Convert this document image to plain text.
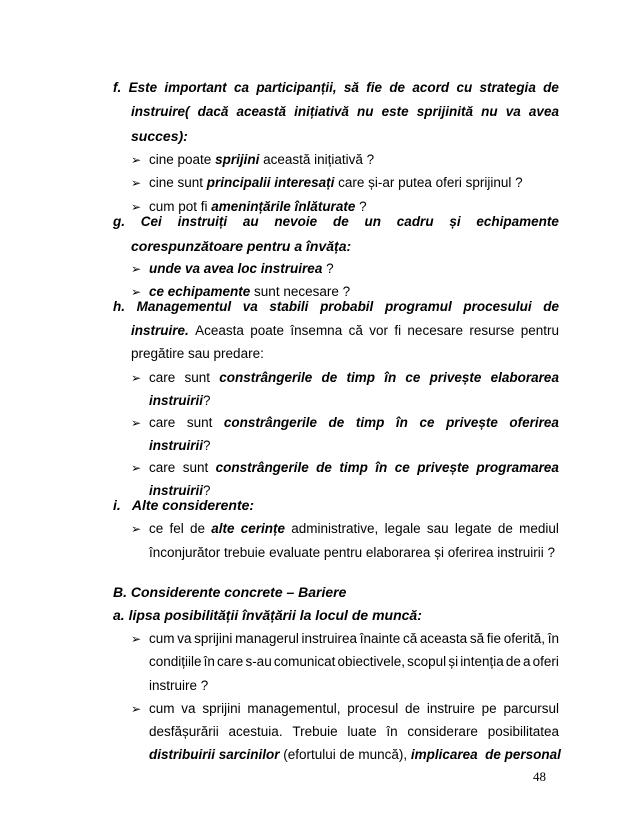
f. Este important ca participanții, să fie de acord cu strategia de
instruire( dacă această inițiativă nu este sprijinită nu va avea
succes):
➢ cine poate sprijini această inițiativă ?
➢ cine sunt principalii interesați care și-ar putea oferi sprijinul ?
➢ cum pot fi amenințările înlăturate ?
g. Cei instruiți au nevoie de un cadru și echipamente
corespunzătoare pentru a învăța:
➢ unde va avea loc instruirea ?
➢ ce echipamente sunt necesare ?
h. Managementul va stabili probabil programul procesului de
instruire. Aceasta poate însemna că vor fi necesare resurse pentru
pregătire sau predare:
➢ care sunt constrângerile de timp în ce privește elaborarea
instruirii?
➢ care sunt constrângerile de timp în ce privește oferirea
instruirii?
➢ care sunt constrângerile de timp în ce privește programarea
instruirii?
i.   Alte considerente:
➢ ce fel de alte cerințe administrative, legale sau legate de mediul
înconjurător trebuie evaluate pentru elaborarea și oferirea instruirii ?
B. Considerente concrete – Bariere
a. lipsa posibilității învățării la locul de muncă:
➢ cum va sprijini managerul instruirea înainte că aceasta să fie oferită, în
condițiile în care s-au comunicat obiectivele, scopul și intenția de a oferi
instruire ?
➢ cum va sprijini managementul, procesul de instruire pe parcursul
desfășurării acestuia. Trebuie luate în considerare posibilitatea
distribuirii sarcinilor (efortului de muncă), implicarea  de personal
48
